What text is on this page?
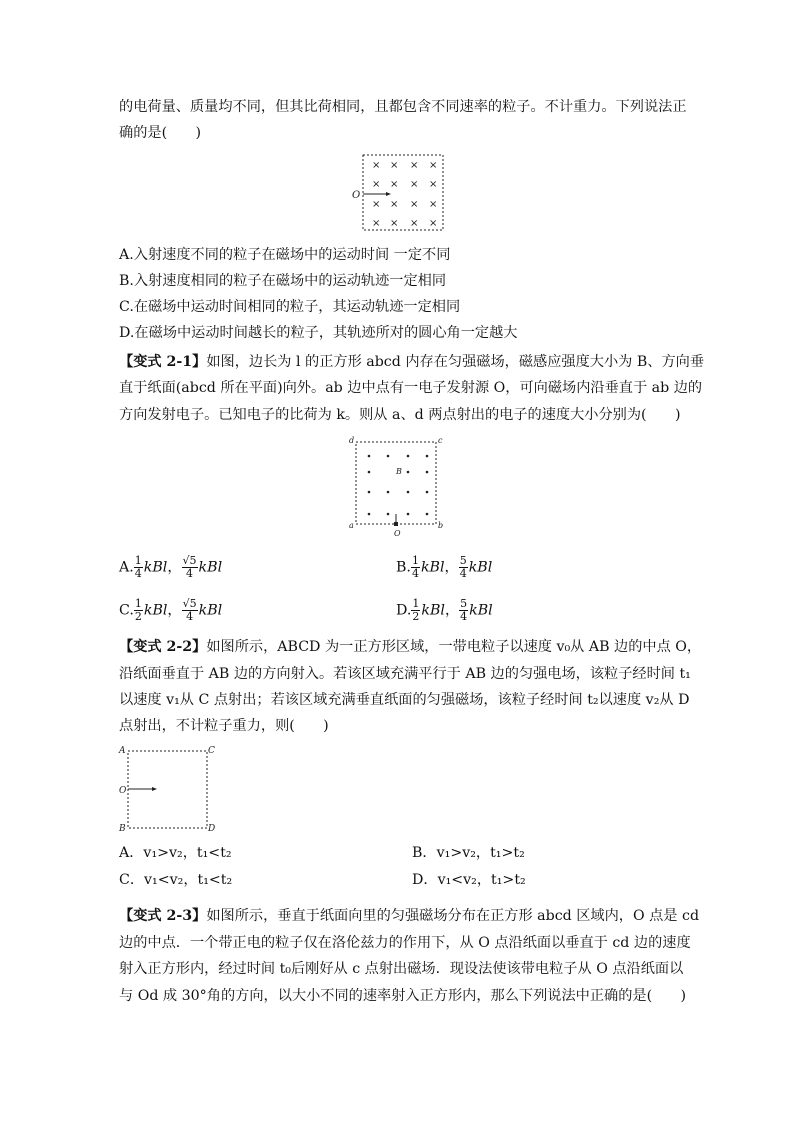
的电荷量、质量均不同，但其比荷相同，且都包含不同速率的粒子。不计重力。下列说法正
确的是(　　)
× × × ×
× × × ×
× × × ×
× × × ×
O
A.入射速度不同的粒子在磁场中的运动时间 一定不同
B.入射速度相同的粒子在磁场中的运动轨迹一定相同
C.在磁场中运动时间相同的粒子，其运动轨迹一定相同
D.在磁场中运动时间越长的粒子，其轨迹所对的圆心角一定越大
【变式 2-1】如图，边长为 l 的正方形 abcd 内存在匀强磁场，磁感应强度大小为 B、方向垂
直于纸面(abcd 所在平面)向外。ab 边中点有一电子发射源 O，可向磁场内沿垂直于 ab 边的
方向发射电子。已知电子的比荷为 k。则从 a、d 两点射出的电子的速度大小分别为(　　)
d	c
a	b
B
O
A. $\frac{1}{4}$ kBl， $\frac{√5}{4}$ kBl	B. $\frac{1}{4}$ kBl， $\frac{5}{4}$ kBl
C. $\frac{1}{2}$ kBl， $\frac{√5}{4}$ kBl	D. $\frac{1}{2}$ kBl， $\frac{5}{4}$ kBl
【变式 2-2】如图所示，ABCD 为一正方形区域，一带电粒子以速度 v₀从 AB 边的中点 O，
沿纸面垂直于 AB 边的方向射入。若该区域充满平行于 AB 边的匀强电场，该粒子经时间 t₁
以速度 v₁从 C 点射出；若该区域充满垂直纸面的匀强磁场，该粒子经时间 t₂以速度 v₂从 D
点射出，不计粒子重力，则(　　)
A	C
O
B	D
A．v₁>v₂，t₁<t₂	B．v₁>v₂，t₁>t₂
C．v₁<v₂，t₁<t₂	D．v₁<v₂，t₁>t₂
【变式 2-3】如图所示，垂直于纸面向里的匀强磁场分布在正方形 abcd 区域内，O 点是 cd
边的中点．一个带正电的粒子仅在洛伦兹力的作用下，从 O 点沿纸面以垂直于 cd 边的速度
射入正方形内，经过时间 t₀后刚好从 c 点射出磁场．现设法使该带电粒子从 O 点沿纸面以
与 Od 成 30°角的方向，以大小不同的速率射入正方形内，那么下列说法中正确的是(　　)
